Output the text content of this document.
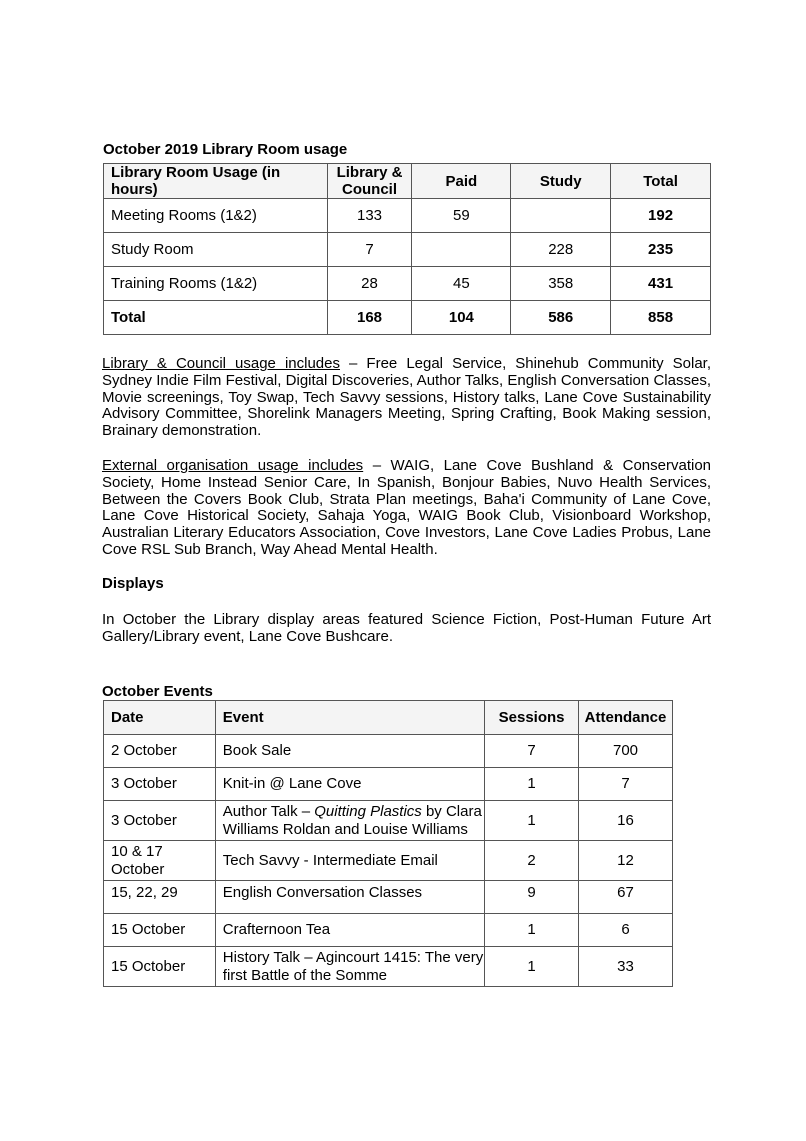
October 2019 Library Room usage
Library Room Usage (in hours)	Library & Council	Paid	Study	Total
Meeting Rooms (1&2)	133	59		192
Study Room	7		228	235
Training Rooms (1&2)	28	45	358	431
Total	168	104	586	858
Library & Council usage includes – Free Legal Service, Shinehub Community Solar, Sydney Indie Film Festival, Digital Discoveries, Author Talks, English Conversation Classes, Movie screenings, Toy Swap, Tech Savvy sessions, History talks, Lane Cove Sustainability Advisory Committee, Shorelink Managers Meeting, Spring Crafting, Book Making session, Brainary demonstration.
External organisation usage includes – WAIG, Lane Cove Bushland & Conservation Society, Home Instead Senior Care, In Spanish, Bonjour Babies, Nuvo Health Services, Between the Covers Book Club, Strata Plan meetings, Baha'i Community of Lane Cove, Lane Cove Historical Society, Sahaja Yoga, WAIG Book Club, Visionboard Workshop, Australian Literary Educators Association, Cove Investors, Lane Cove Ladies Probus, Lane Cove RSL Sub Branch, Way Ahead Mental Health.
Displays
In October the Library display areas featured Science Fiction, Post-Human Future Art Gallery/Library event, Lane Cove Bushcare.
October Events
Date	Event	Sessions	Attendance
2 October	Book Sale	7	700
3 October	Knit-in @ Lane Cove	1	7
3 October	Author Talk – Quitting Plastics by Clara Williams Roldan and Louise Williams	1	16
10 & 17 October	Tech Savvy - Intermediate Email	2	12
15, 22, 29	English Conversation Classes	9	67
15 October	Crafternoon Tea	1	6
15 October	History Talk – Agincourt 1415: The very first Battle of the Somme	1	33
